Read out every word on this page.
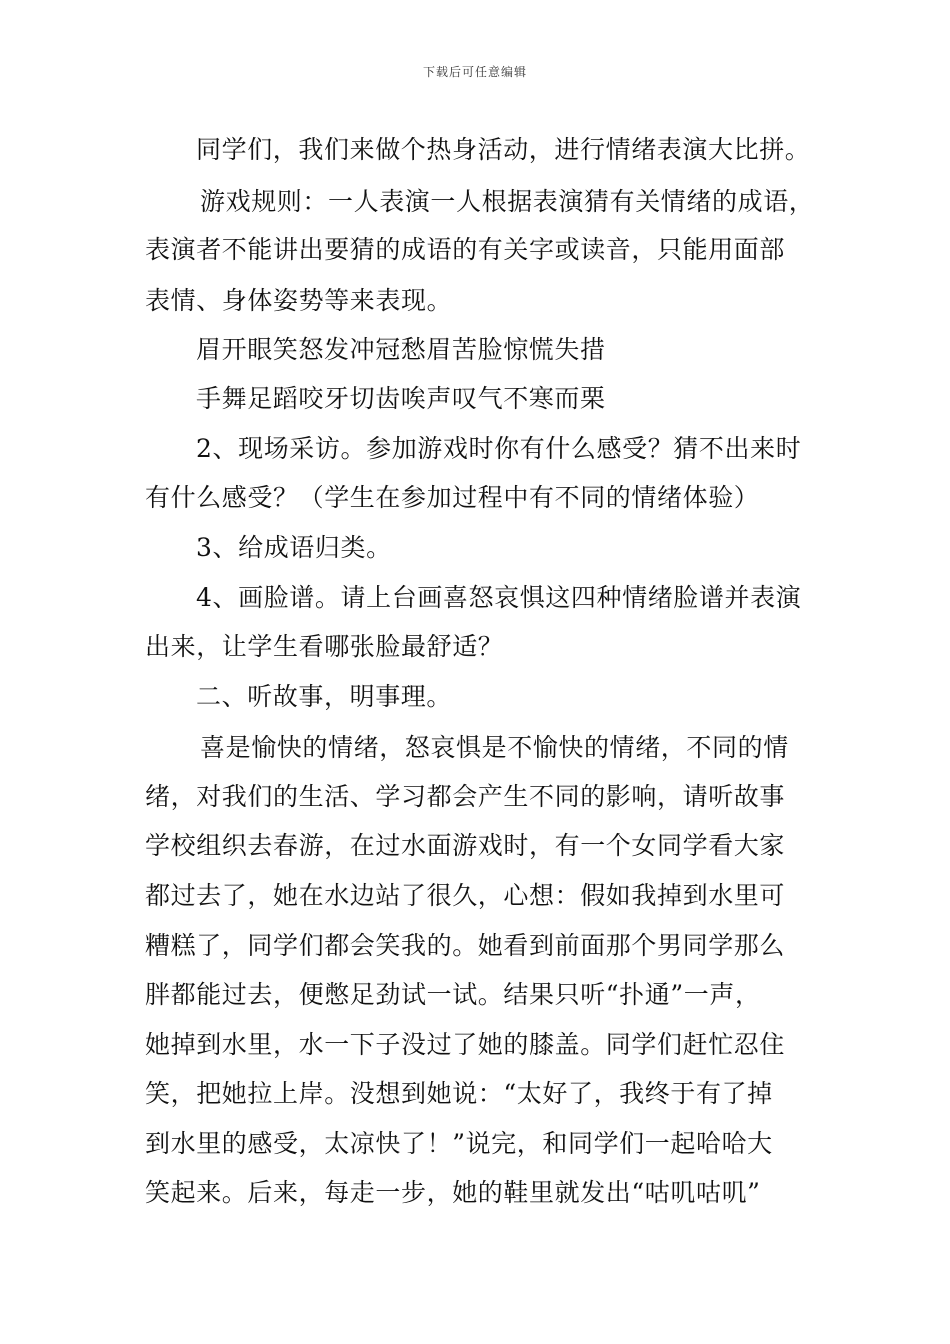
下载后可任意编辑
同学们，我们来做个热身活动，进行情绪表演大比拼。
游戏规则：一人表演一人根据表演猜有关情绪的成语，
表演者不能讲出要猜的成语的有关字或读音，只能用面部
表情、身体姿势等来表现。
眉开眼笑怒发冲冠愁眉苦脸惊慌失措
手舞足蹈咬牙切齿唉声叹气不寒而栗
2、现场采访。参加游戏时你有什么感受？猜不出来时
有什么感受？（学生在参加过程中有不同的情绪体验）
3、给成语归类。
4、画脸谱。请上台画喜怒哀惧这四种情绪脸谱并表演
出来，让学生看哪张脸最舒适？
二、听故事，明事理。
喜是愉快的情绪，怒哀惧是不愉快的情绪，不同的情
绪，对我们的生活、学习都会产生不同的影响，请听故事
学校组织去春游，在过水面游戏时，有一个女同学看大家
都过去了，她在水边站了很久，心想：假如我掉到水里可
糟糕了，同学们都会笑我的。她看到前面那个男同学那么
胖都能过去，便憋足劲试一试。结果只听“扑通”一声，
她掉到水里，水一下子没过了她的膝盖。同学们赶忙忍住
笑，把她拉上岸。没想到她说：“太好了，我终于有了掉
到水里的感受，太凉快了！”说完，和同学们一起哈哈大
笑起来。后来，每走一步，她的鞋里就发出“咕叽咕叽”
